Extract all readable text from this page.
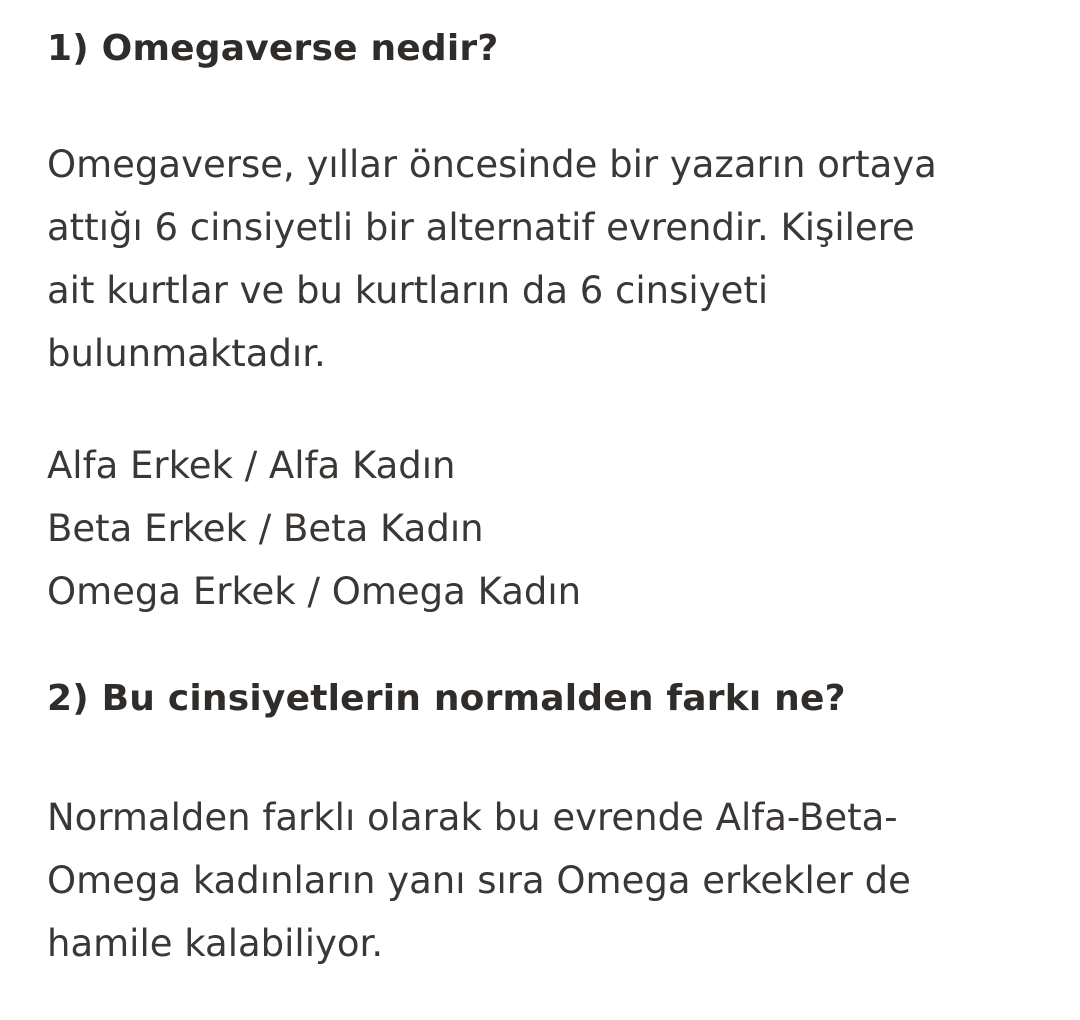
1) Omegaverse nedir?

Omegaverse, yıllar öncesinde bir yazarın ortaya
attığı 6 cinsiyetli bir alternatif evrendir. Kişilere
ait kurtlar ve bu kurtların da 6 cinsiyeti
bulunmaktadır.

Alfa Erkek / Alfa Kadın
Beta Erkek / Beta Kadın
Omega Erkek / Omega Kadın

2) Bu cinsiyetlerin normalden farkı ne?

Normalden farklı olarak bu evrende Alfa-Beta-
Omega kadınların yanı sıra Omega erkekler de
hamile kalabiliyor.
